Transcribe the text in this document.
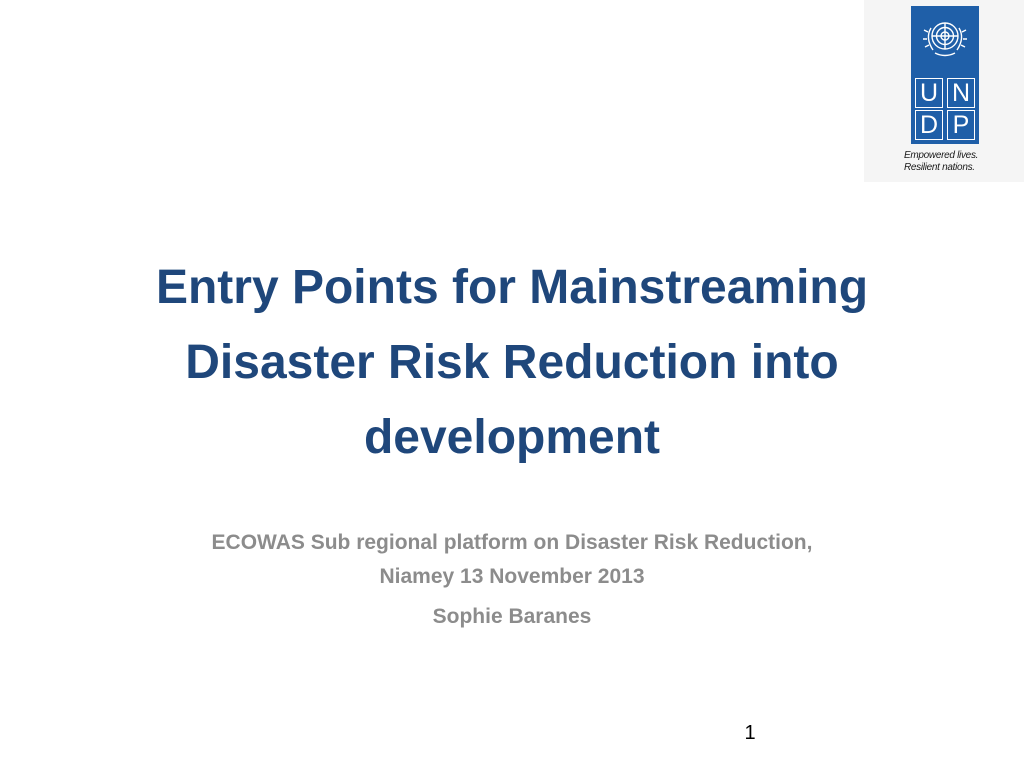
U N
D P
Empowered lives.
Resilient nations.
Entry Points for Mainstreaming
Disaster Risk Reduction into
development
ECOWAS Sub regional platform on Disaster Risk Reduction,
Niamey 13 November 2013
Sophie Baranes
1
